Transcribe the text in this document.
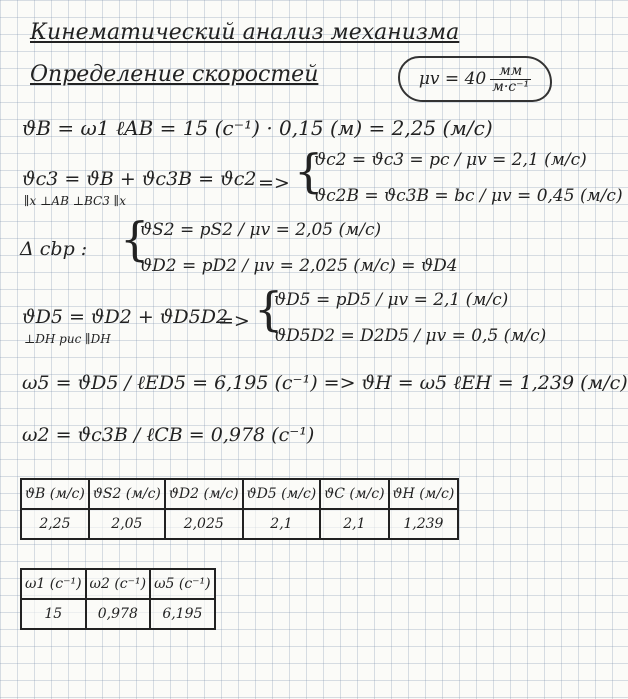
Кинематический анализ механизма
Определение скоростей	$\mu v = 40 \frac{мм}{\text{м·с⁻¹}}$
ϑB = ω1 ℓAB = 15 (c⁻¹) · 0,15 (м) = 2,25 (м/c)
ϑc3 = ϑB + ϑc3B = ϑc2
∥x ⊥AB ⊥BC3 ∥x
=> {
ϑc2 = ϑc3 = pc / μv = 2,1 (м/c)
ϑc2B = ϑc3B = bc / μv = 0,45 (м/c)
Δ cbp : {
ϑS2 = pS2 / μv = 2,05 (м/c)
ϑD2 = pD2 / μv = 2,025 (м/c) = ϑD4
ϑD5 = ϑD2 + ϑD5D2
⊥DH рис ∥DH
=> {
ϑD5 = pD5 / μv = 2,1 (м/c)
ϑD5D2 = D2D5 / μv = 0,5 (м/c)
ω5 = ϑD5 / ℓED5 = 6,195 (c⁻¹) => ϑH = ω5 ℓEH = 1,239 (м/c)
ω2 = ϑc3B / ℓCB = 0,978 (c⁻¹)
ϑB (м/c)	ϑS2 (м/c)	ϑD2 (м/c)	ϑD5 (м/c)	ϑC (м/c)	ϑH (м/c)
2,25	2,05	2,025	2,1	2,1	1,239
ω1 (c⁻¹)	ω2 (c⁻¹)	ω5 (c⁻¹)
15	0,978	6,195
